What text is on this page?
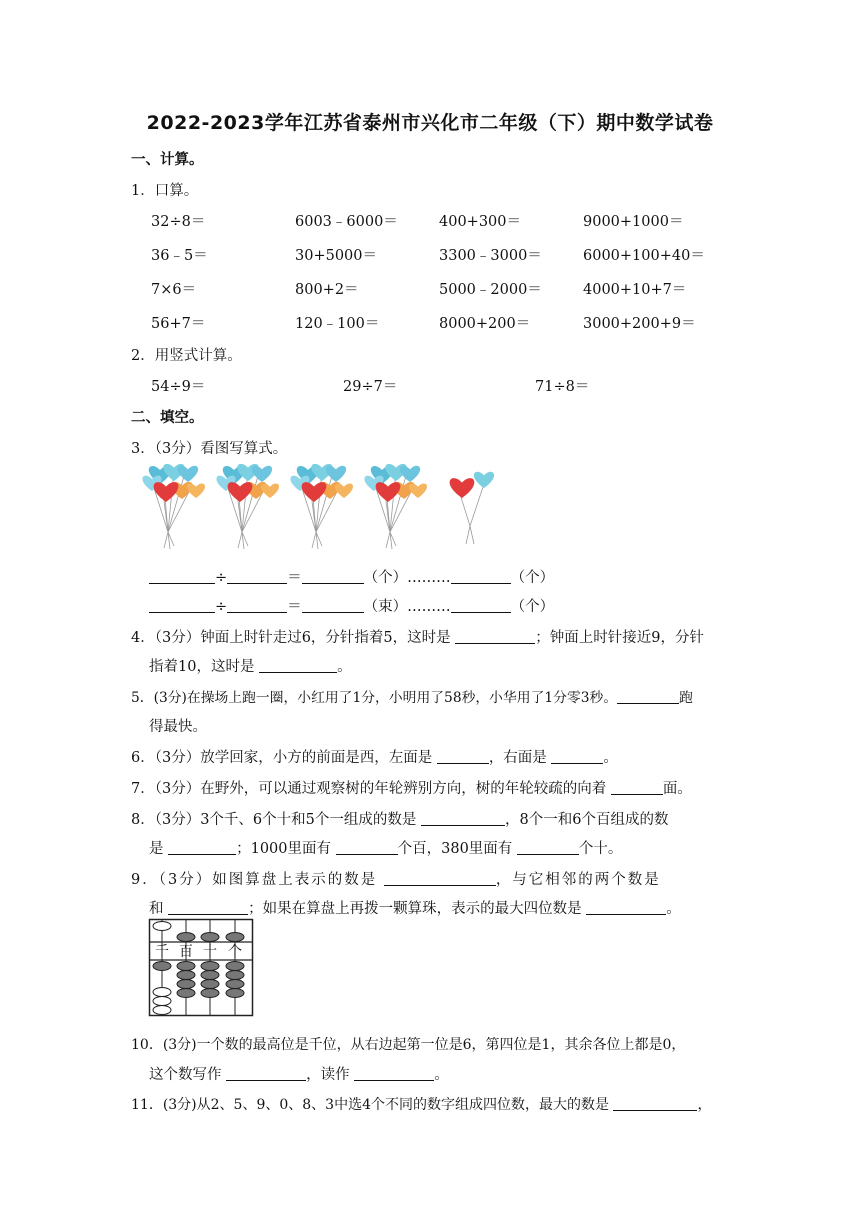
2022-2023学年江苏省泰州市兴化市二年级（下）期中数学试卷
一、计算。
1．口算。
32÷8＝	6003﹣6000＝	400+300＝	9000+1000＝
36﹣5＝	30+5000＝	3300﹣3000＝	6000+100+40＝
7×6＝	800+2＝	5000﹣2000＝	4000+10+7＝
56+7＝	120﹣100＝	8000+200＝	3000+200+9＝
2．用竖式计算。
54÷9＝	29÷7＝	71÷8＝
二、填空。
3．（3分）看图写算式。
÷	＝	（个）………	（个）
÷	＝	（束）………	（个）
4．（3分）钟面上时针走过6，分针指着5，这时是	；钟面上时针接近9，分针
指着10，这时是	。
5．(3分)在操场上跑一圈，小红用了1分，小明用了58秒，小华用了1分零3秒。	跑
得最快。
6．（3分）放学回家，小方的前面是西，左面是	，右面是	。
7．（3分）在野外，可以通过观察树的年轮辨别方向，树的年轮较疏的向着	面。
8．（3分）3个千、6个十和5个一组成的数是	，8个一和6个百组成的数
是	；1000里面有	个百，380里面有	个十。
9．（3分）如图算盘上表示的数是	，与它相邻的两个数是
和	；如果在算盘上再拨一颗算珠，表示的最大四位数是	。
千 百 十 个
10．(3分)一个数的最高位是千位，从右边起第一位是6，第四位是1，其余各位上都是0，
这个数写作	，读作	。
11．(3分)从2、5、9、0、8、3中选4个不同的数字组成四位数，最大的数是	，
